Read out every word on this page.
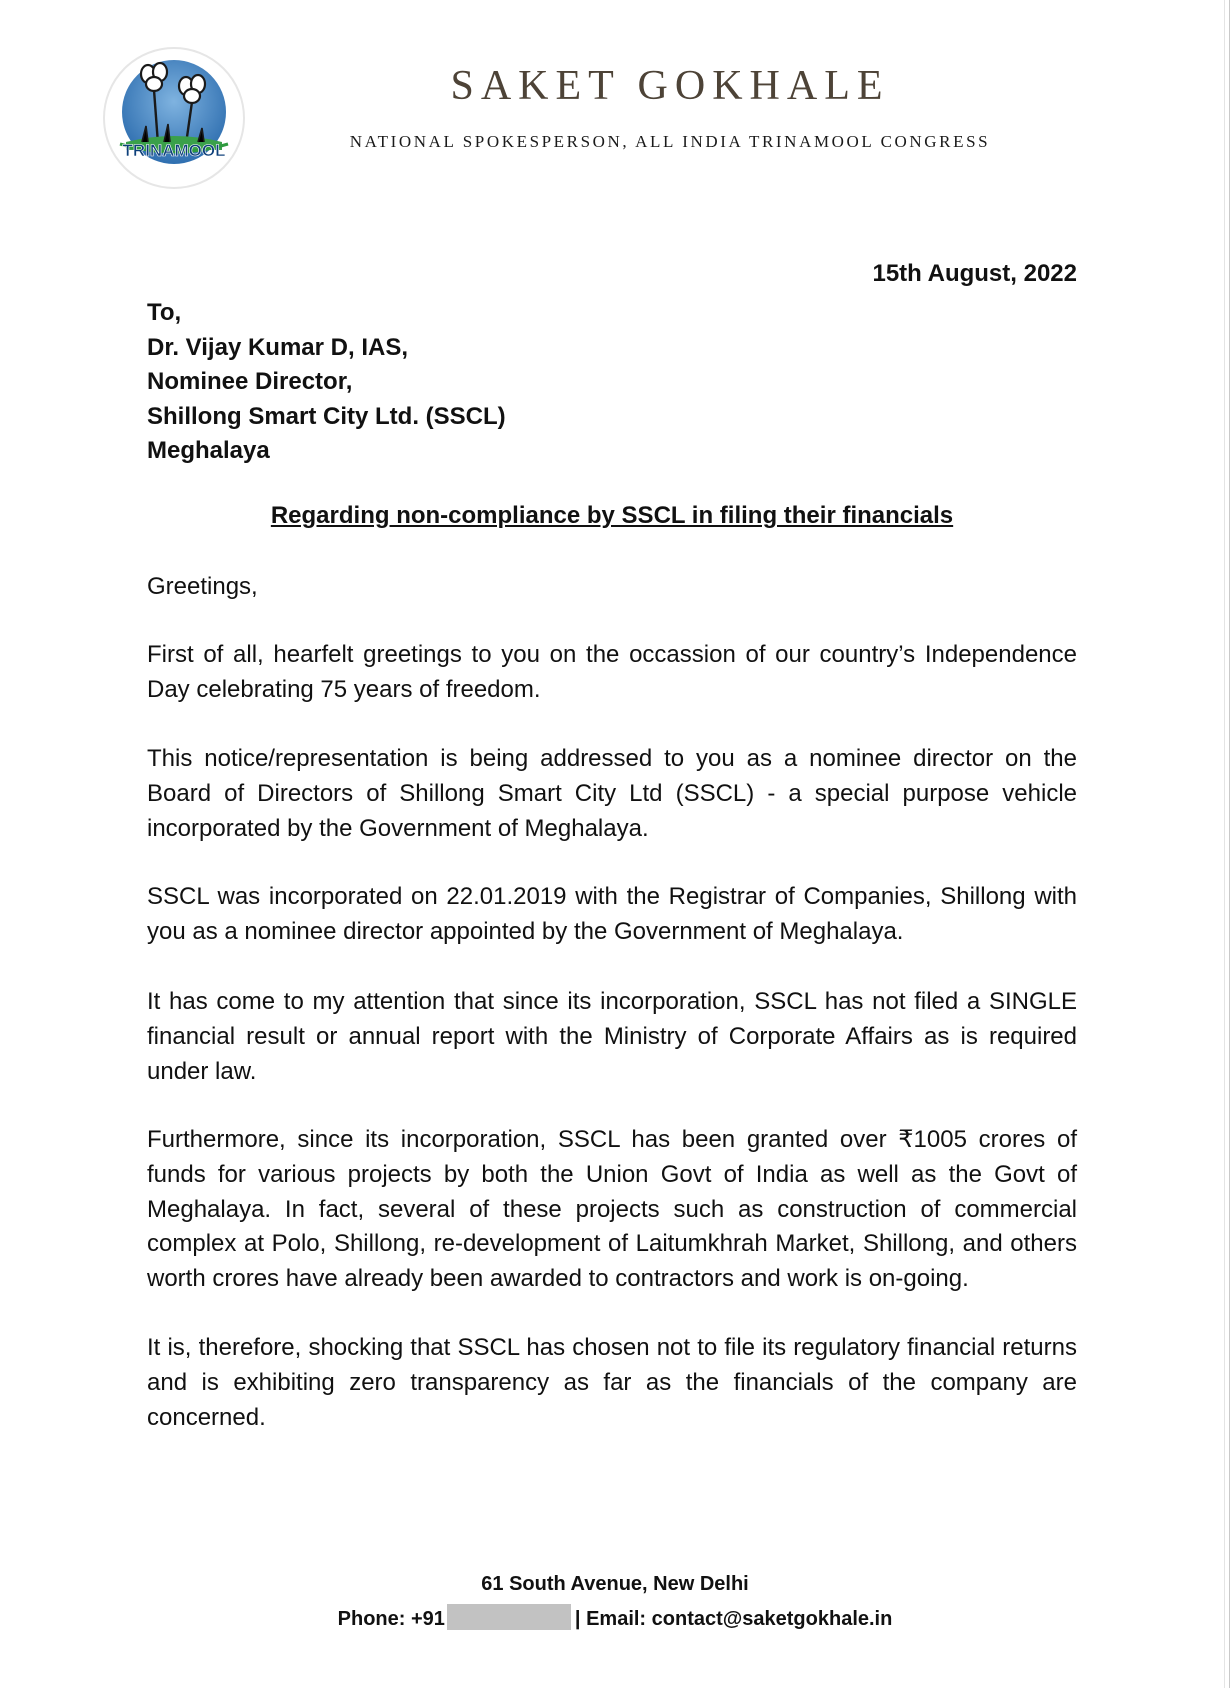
TRINAMOOL
SAKET GOKHALE
NATIONAL SPOKESPERSON, ALL INDIA TRINAMOOL CONGRESS
15th August, 2022
To,
Dr. Vijay Kumar D, IAS,
Nominee Director,
Shillong Smart City Ltd. (SSCL)
Meghalaya
Regarding non-compliance by SSCL in filing their financials

Greetings,

First of all, hearfelt greetings to you on the occassion of our country’s Independence Day celebrating 75 years of freedom.

This notice/representation is being addressed to you as a nominee director on the Board of Directors of Shillong Smart City Ltd (SSCL) - a special purpose vehicle incorporated by the Government of Meghalaya.

SSCL was incorporated on 22.01.2019 with the Registrar of Companies, Shillong with you as a nominee director appointed by the Government of Meghalaya.

It has come to my attention that since its incorporation, SSCL has not filed a SINGLE financial result or annual report with the Ministry of Corporate Affairs as is required under law.

Furthermore, since its incorporation, SSCL has been granted over ₹1005 crores of funds for various projects by both the Union Govt of India as well as the Govt of Meghalaya. In fact, several of these projects such as construction of commercial complex at Polo, Shillong, re-development of Laitumkhrah Market, Shillong, and others worth crores have already been awarded to contractors and work is on-going.

It is, therefore, shocking that SSCL has chosen not to file its regulatory financial returns and is exhibiting zero transparency as far as the financials of the company are concerned.

61 South Avenue, New Delhi
Phone: +91	| Email: contact@saketgokhale.in
